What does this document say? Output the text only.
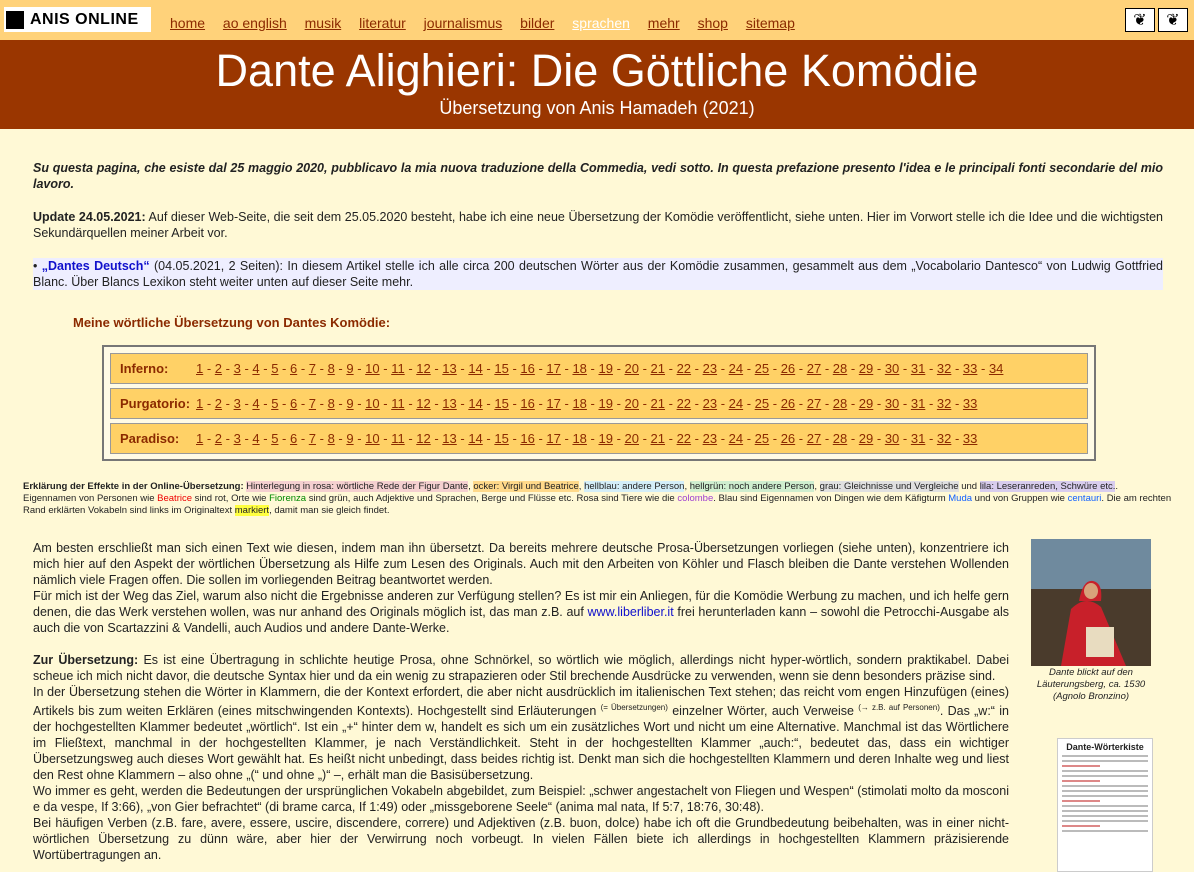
ANIS ONLINE home ao english musik literatur journalismus bilder sprachen mehr shop sitemap	❦	❦
Dante Alighieri: Die Göttliche Komödie
Übersetzung von Anis Hamadeh (2021)
Su questa pagina, che esiste dal 25 maggio 2020, pubblicavo la mia nuova traduzione della Commedia, vedi sotto. In questa prefazione presento l'idea e le principali fonti secondarie del mio lavoro.
Update 24.05.2021: Auf dieser Web-Seite, die seit dem 25.05.2020 besteht, habe ich eine neue Übersetzung der Komödie veröffentlicht, siehe unten. Hier im Vorwort stelle ich die Idee und die wichtigsten Sekundärquellen meiner Arbeit vor.
• „Dantes Deutsch“ (04.05.2021, 2 Seiten): In diesem Artikel stelle ich alle circa 200 deutschen Wörter aus der Komödie zusammen, gesammelt aus dem „Vocabolario Dantesco“ von Ludwig Gottfried Blanc. Über Blancs Lexikon steht weiter unten auf dieser Seite mehr.
Meine wörtliche Übersetzung von Dantes Komödie:
Inferno: 1 - 2 - 3 - 4 - 5 - 6 - 7 - 8 - 9 - 10 - 11 - 12 - 13 - 14 - 15 - 16 - 17 - 18 - 19 - 20 - 21 - 22 - 23 - 24 - 25 - 26 - 27 - 28 - 29 - 30 - 31 - 32 - 33 - 34
Purgatorio: 1 - 2 - 3 - 4 - 5 - 6 - 7 - 8 - 9 - 10 - 11 - 12 - 13 - 14 - 15 - 16 - 17 - 18 - 19 - 20 - 21 - 22 - 23 - 24 - 25 - 26 - 27 - 28 - 29 - 30 - 31 - 32 - 33
Paradiso: 1 - 2 - 3 - 4 - 5 - 6 - 7 - 8 - 9 - 10 - 11 - 12 - 13 - 14 - 15 - 16 - 17 - 18 - 19 - 20 - 21 - 22 - 23 - 24 - 25 - 26 - 27 - 28 - 29 - 30 - 31 - 32 - 33
Erklärung der Effekte in der Online-Übersetzung: Hinterlegung in rosa: wörtliche Rede der Figur Dante, ocker: Virgil und Beatrice, hellblau: andere Person, hellgrün: noch andere Person, grau: Gleichnisse und Vergleiche und lila: Leseranreden, Schwüre etc.. Eigennamen von Personen wie Beatrice sind rot, Orte wie Fiorenza sind grün, auch Adjektive und Sprachen, Berge und Flüsse etc. Rosa sind Tiere wie die colombe. Blau sind Eigennamen von Dingen wie dem Käfigturm Muda und von Gruppen wie centauri. Die am rechten Rand erklärten Vokabeln sind links im Originaltext markiert, damit man sie gleich findet.
Am besten erschließt man sich einen Text wie diesen, indem man ihn übersetzt. Da bereits mehrere deutsche Prosa-Übersetzungen vorliegen (siehe unten), konzentriere ich mich hier auf den Aspekt der wörtlichen Übersetzung als Hilfe zum Lesen des Originals. Auch mit den Arbeiten von Köhler und Flasch bleiben die Dante verstehen Wollenden nämlich viele Fragen offen. Die sollen im vorliegenden Beitrag beantwortet werden.
Für mich ist der Weg das Ziel, warum also nicht die Ergebnisse anderen zur Verfügung stellen? Es ist mir ein Anliegen, für die Komödie Werbung zu machen, und ich helfe gern denen, die das Werk verstehen wollen, was nur anhand des Originals möglich ist, das man z.B. auf www.liberliber.it frei herunterladen kann – sowohl die Petrocchi-Ausgabe als auch die von Scartazzini & Vandelli, auch Audios und andere Dante-Werke.
Zur Übersetzung: Es ist eine Übertragung in schlichte heutige Prosa, ohne Schnörkel, so wörtlich wie möglich, allerdings nicht hyper-wörtlich, sondern praktikabel. Dabei scheue ich mich nicht davor, die deutsche Syntax hier und da ein wenig zu strapazieren oder Stil brechende Ausdrücke zu verwenden, wenn sie denn besonders präzise sind.
In der Übersetzung stehen die Wörter in Klammern, die der Kontext erfordert, die aber nicht ausdrücklich im italienischen Text stehen; das reicht vom engen Hinzufügen (eines) Artikels bis zum weiten Erklären (eines mitschwingenden Kontexts). Hochgestellt sind Erläuterungen $^{(= Übersetzungen)}$ einzelner Wörter, auch Verweise $^{(\to z.B. auf Personen)}$. Das „w:“ in der hochgestellten Klammer bedeutet „wörtlich“. Ist ein „+“ hinter dem w, handelt es sich um ein zusätzliches Wort und nicht um eine Alternative. Manchmal ist das Wörtlichere im Fließtext, manchmal in der hochgestellten Klammer, je nach Verständlichkeit. Steht in der hochgestellten Klammer „auch:“, bedeutet das, dass ein wichtiger Übersetzungsweg auch dieses Wort gewählt hat. Es heißt nicht unbedingt, dass beides richtig ist. Denkt man sich die hochgestellten Klammern und deren Inhalte weg und liest den Rest ohne Klammern – also ohne „(“ und ohne „)“ –, erhält man die Basisübersetzung.
Wo immer es geht, werden die Bedeutungen der ursprünglichen Vokabeln abgebildet, zum Beispiel: „schwer angestachelt von Fliegen und Wespen“ (stimolati molto da mosconi e da vespe, If 3:66), „von Gier befrachtet“ (di brame carca, If 1:49) oder „missgeborene Seele“ (anima mal nata, If 5:7, 18:76, 30:48).
Bei häufigen Verben (z.B. fare, avere, essere, uscire, discendere, correre) und Adjektiven (z.B. buon, dolce) habe ich oft die Grundbedeutung beibehalten, was in einer nicht-wörtlichen Übersetzung zu dünn wäre, aber hier der Verwirrung noch vorbeugt. In vielen Fällen biete ich allerdings in hochgestellten Klammern präzisierende Wortübertragungen an.
Dante blickt auf den Läuterungsberg, ca. 1530 (Agnolo Bronzino)
Dante-Wörterkiste
